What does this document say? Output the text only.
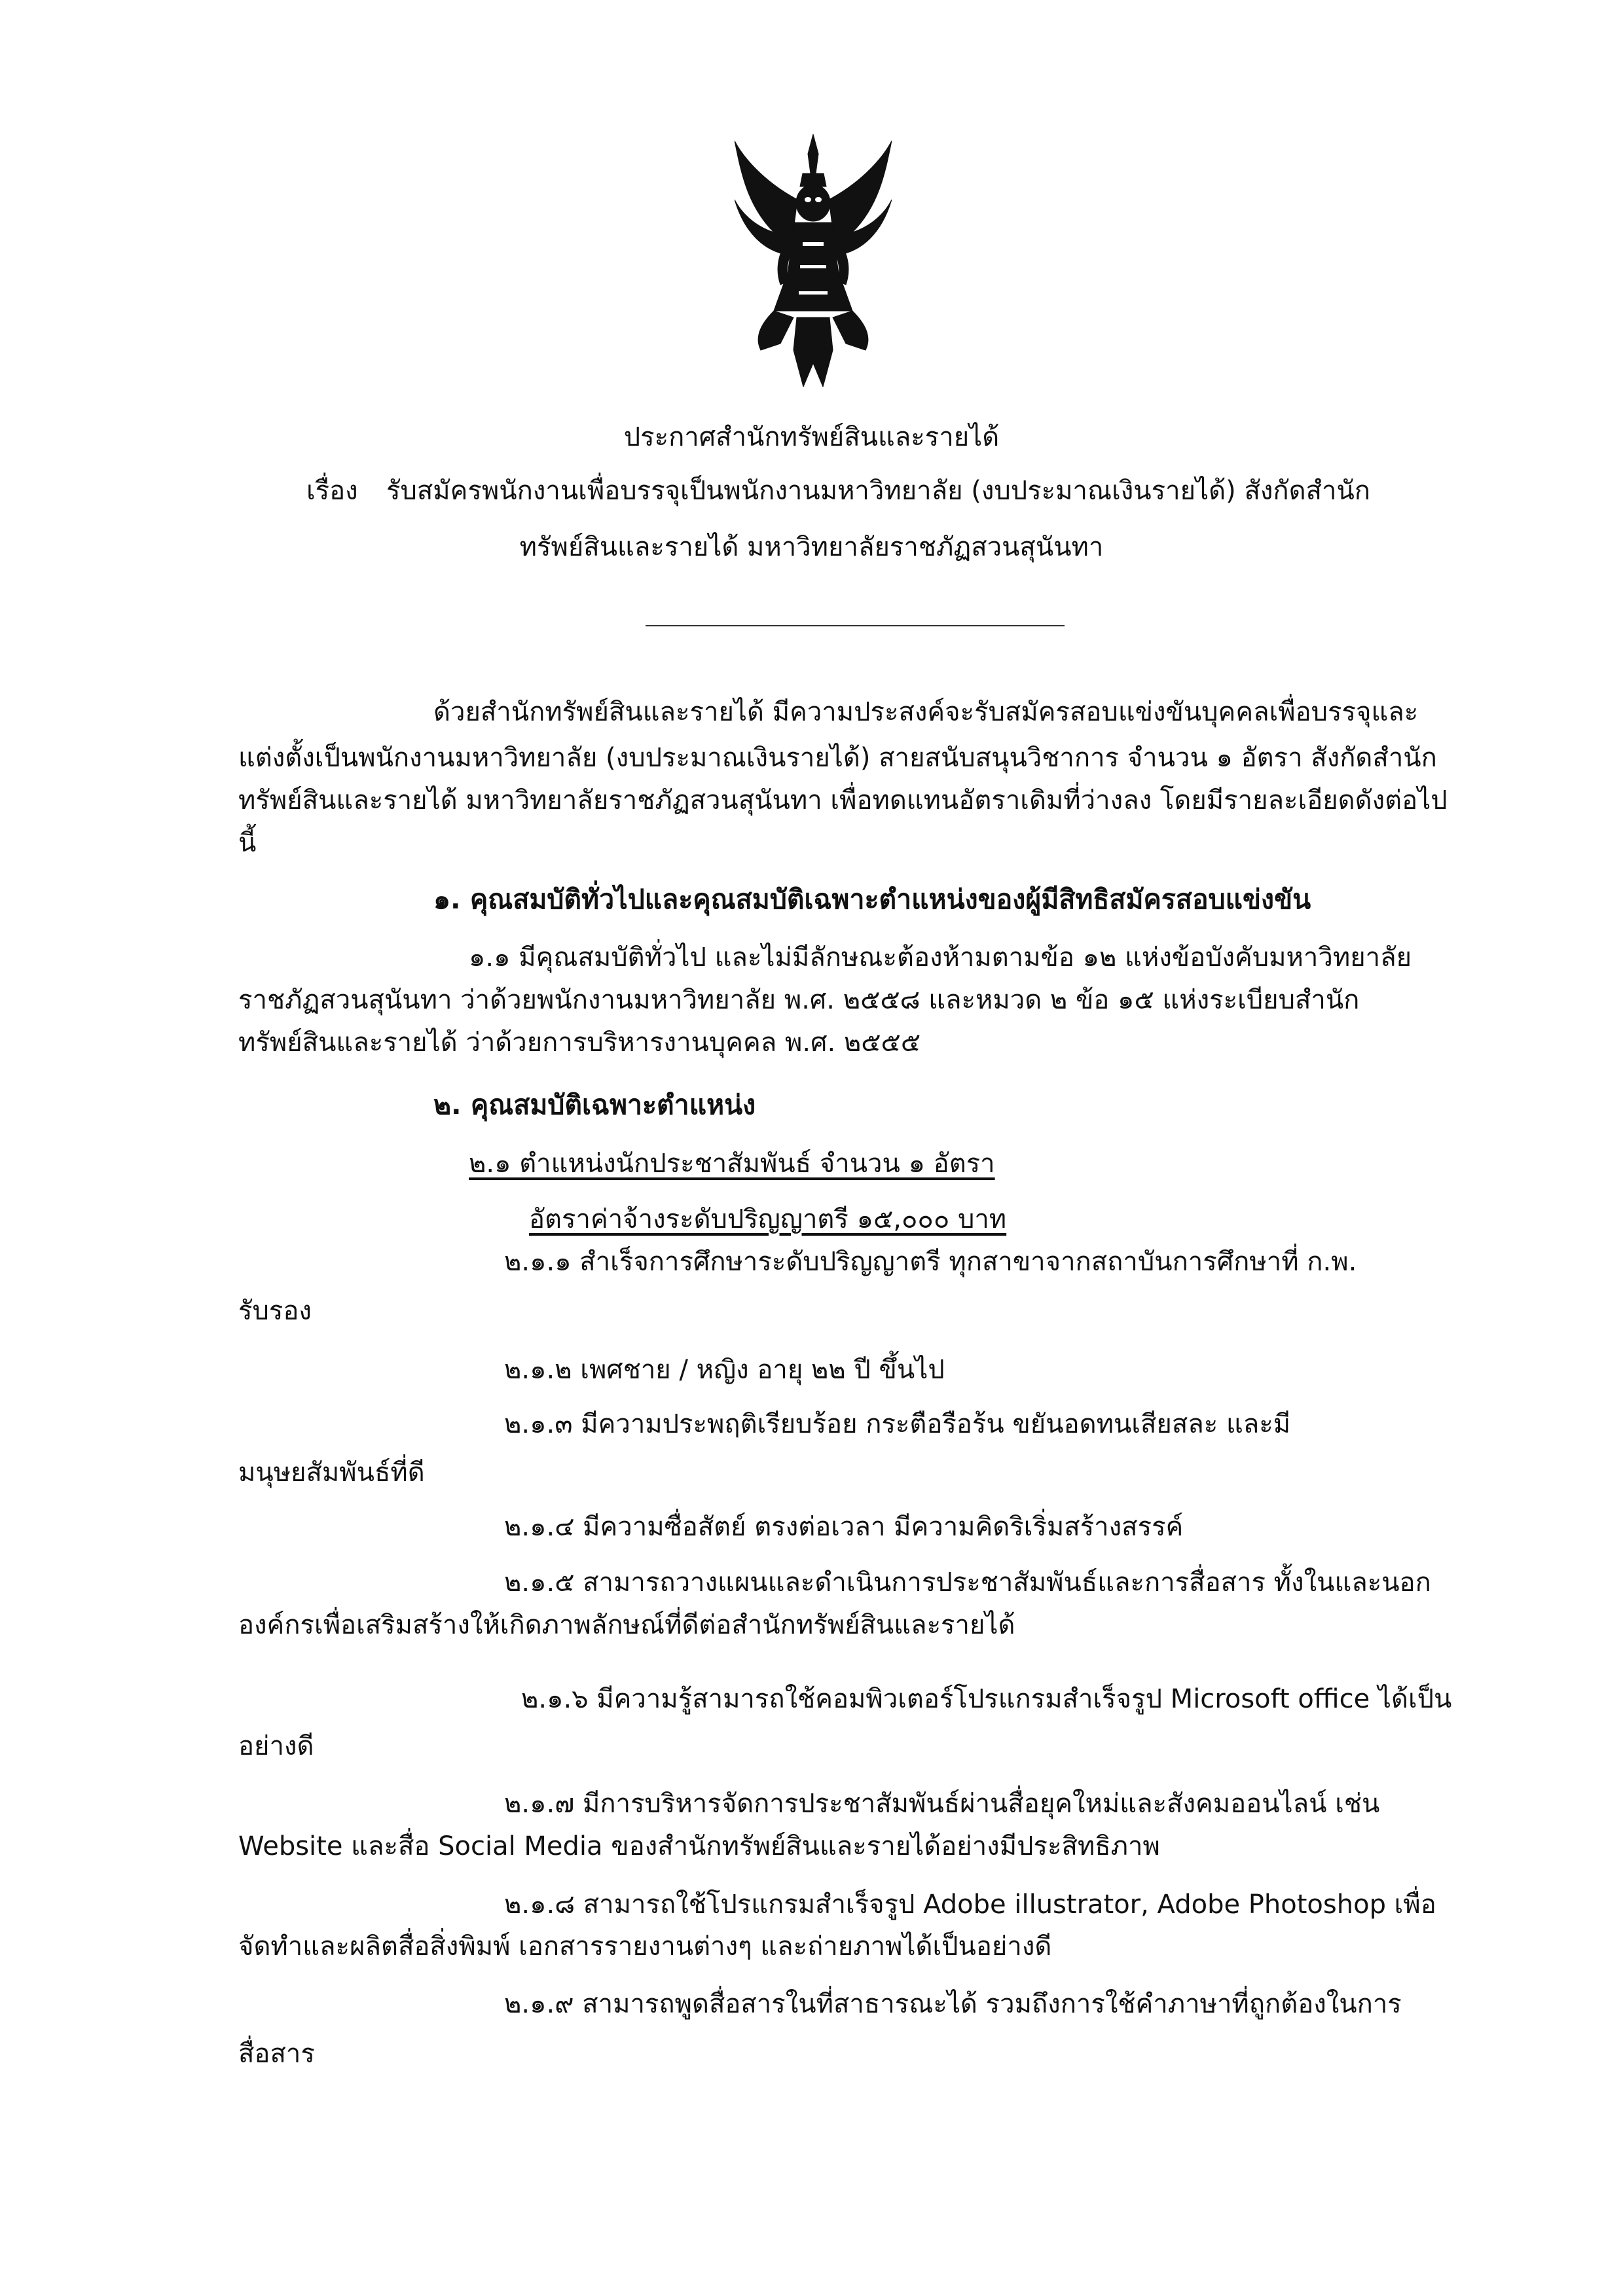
ประกาศสำนักทรัพย์สินและรายได้
เรื่อง รับสมัครพนักงานเพื่อบรรจุเป็นพนักงานมหาวิทยาลัย (งบประมาณเงินรายได้) สังกัดสำนัก
ทรัพย์สินและรายได้ มหาวิทยาลัยราชภัฏสวนสุนันทา
ด้วยสำนักทรัพย์สินและรายได้ มีความประสงค์จะรับสมัครสอบแข่งขันบุคคลเพื่อบรรจุและ
แต่งตั้งเป็นพนักงานมหาวิทยาลัย (งบประมาณเงินรายได้) สายสนับสนุนวิชาการ จำนวน ๑ อัตรา สังกัดสำนัก
ทรัพย์สินและรายได้ มหาวิทยาลัยราชภัฏสวนสุนันทา เพื่อทดแทนอัตราเดิมที่ว่างลง โดยมีรายละเอียดดังต่อไป
นี้
๑. คุณสมบัติทั่วไปและคุณสมบัติเฉพาะตำแหน่งของผู้มีสิทธิสมัครสอบแข่งขัน
๑.๑ มีคุณสมบัติทั่วไป และไม่มีลักษณะต้องห้ามตามข้อ ๑๒ แห่งข้อบังคับมหาวิทยาลัย
ราชภัฏสวนสุนันทา ว่าด้วยพนักงานมหาวิทยาลัย พ.ศ. ๒๕๕๘ และหมวด ๒ ข้อ ๑๕ แห่งระเบียบสำนัก
ทรัพย์สินและรายได้ ว่าด้วยการบริหารงานบุคคล พ.ศ. ๒๕๕๕
๒. คุณสมบัติเฉพาะตำแหน่ง
๒.๑ ตำแหน่งนักประชาสัมพันธ์ จำนวน ๑ อัตรา
อัตราค่าจ้างระดับปริญญาตรี ๑๕,๐๐๐ บาท
๒.๑.๑ สำเร็จการศึกษาระดับปริญญาตรี ทุกสาขาจากสถาบันการศึกษาที่ ก.พ.
รับรอง
๒.๑.๒ เพศชาย / หญิง อายุ ๒๒ ปี ขึ้นไป
๒.๑.๓ มีความประพฤติเรียบร้อย กระตือรือร้น ขยันอดทนเสียสละ และมี
มนุษยสัมพันธ์ที่ดี
๒.๑.๔ มีความซื่อสัตย์ ตรงต่อเวลา มีความคิดริเริ่มสร้างสรรค์
๒.๑.๕ สามารถวางแผนและดำเนินการประชาสัมพันธ์และการสื่อสาร ทั้งในและนอก
องค์กรเพื่อเสริมสร้างให้เกิดภาพลักษณ์ที่ดีต่อสำนักทรัพย์สินและรายได้
๒.๑.๖ มีความรู้สามารถใช้คอมพิวเตอร์โปรแกรมสำเร็จรูป Microsoft office ได้เป็น
อย่างดี
๒.๑.๗ มีการบริหารจัดการประชาสัมพันธ์ผ่านสื่อยุคใหม่และสังคมออนไลน์ เช่น
Website และสื่อ Social Media ของสำนักทรัพย์สินและรายได้อย่างมีประสิทธิภาพ
๒.๑.๘ สามารถใช้โปรแกรมสำเร็จรูป Adobe illustrator, Adobe Photoshop เพื่อ
จัดทำและผลิตสื่อสิ่งพิมพ์ เอกสารรายงานต่างๆ และถ่ายภาพได้เป็นอย่างดี
๒.๑.๙ สามารถพูดสื่อสารในที่สาธารณะได้ รวมถึงการใช้คำภาษาที่ถูกต้องในการ
สื่อสาร
